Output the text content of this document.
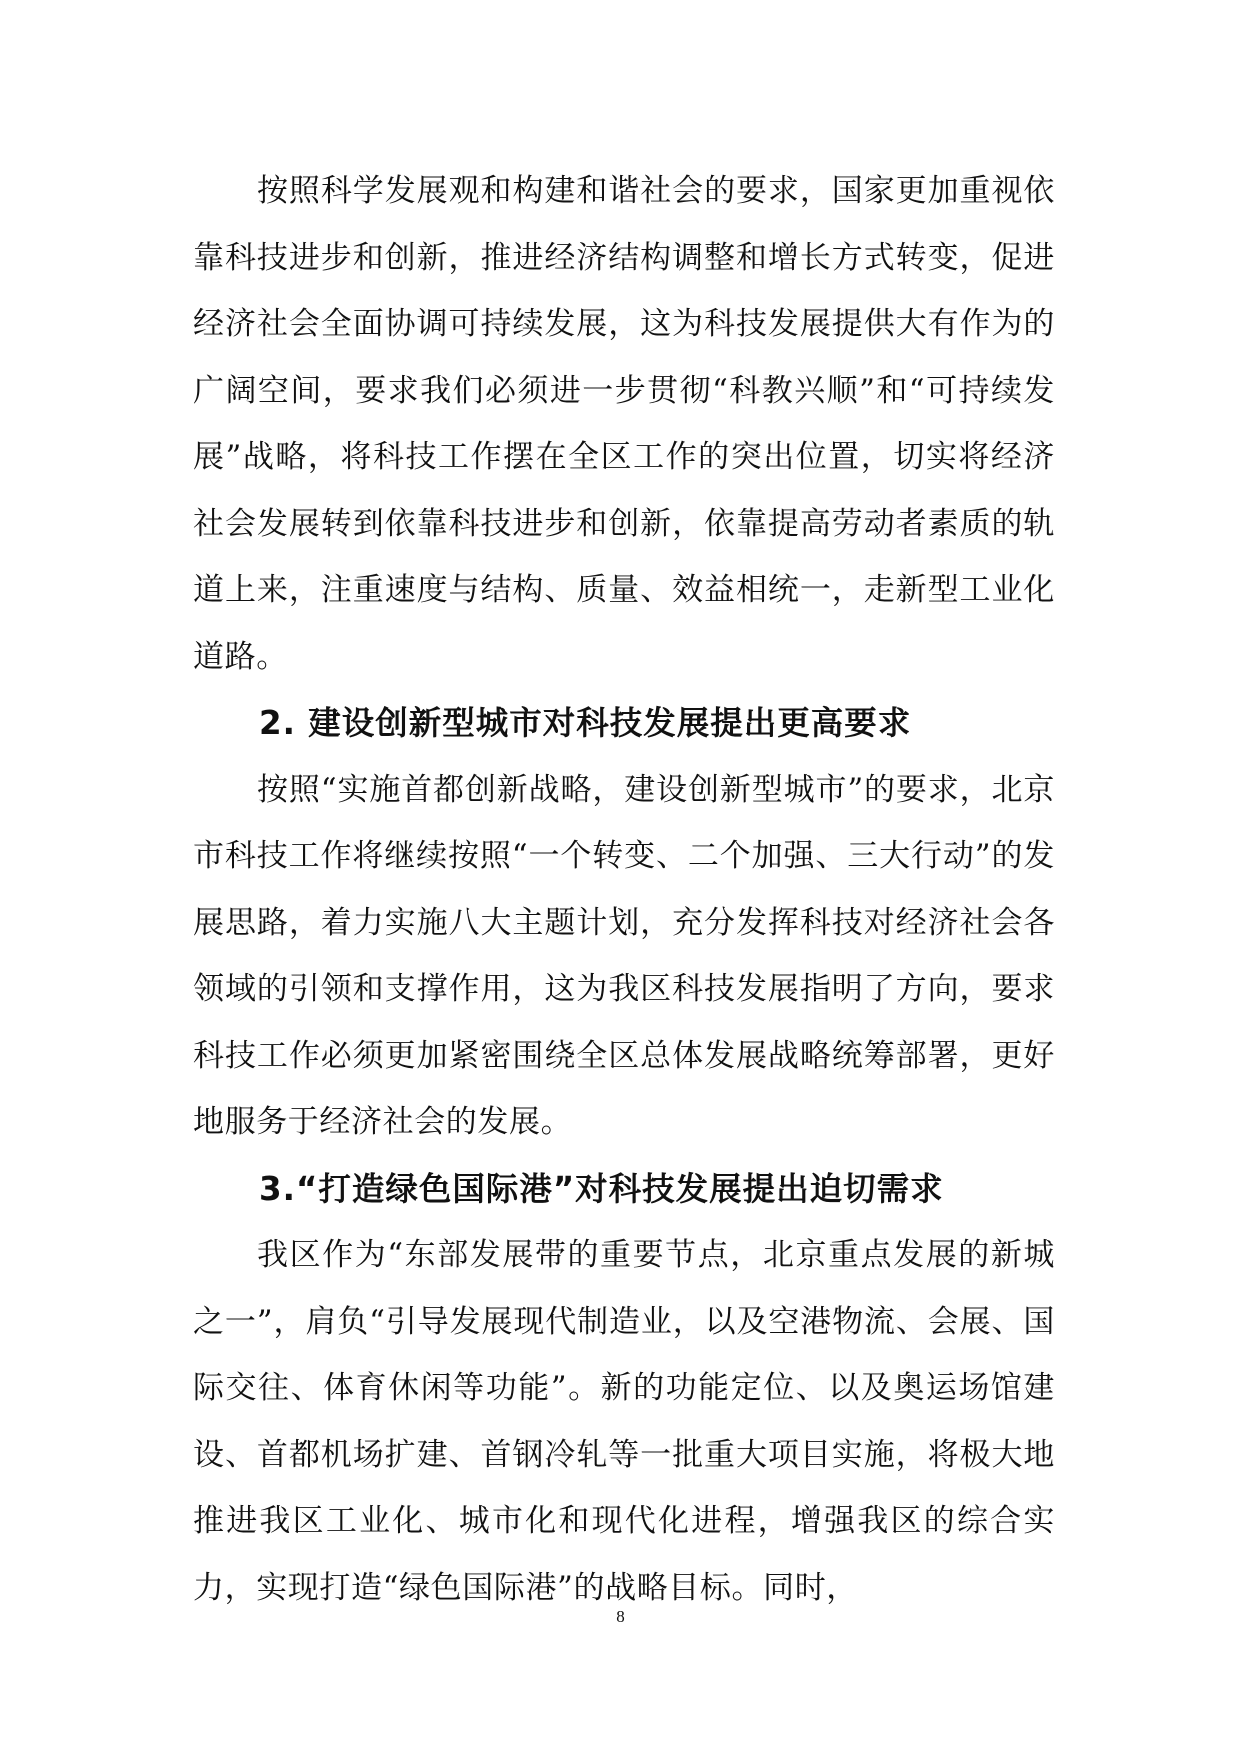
按照科学发展观和构建和谐社会的要求，国家更加重视依靠科技进步和创新，推进经济结构调整和增长方式转变，促进经济社会全面协调可持续发展，这为科技发展提供大有作为的广阔空间，要求我们必须进一步贯彻“科教兴顺”和“可持续发展”战略，将科技工作摆在全区工作的突出位置，切实将经济社会发展转到依靠科技进步和创新，依靠提高劳动者素质的轨道上来，注重速度与结构、质量、效益相统一，走新型工业化道路。

2. 建设创新型城市对科技发展提出更高要求

按照“实施首都创新战略，建设创新型城市”的要求，北京市科技工作将继续按照“一个转变、二个加强、三大行动”的发展思路，着力实施八大主题计划，充分发挥科技对经济社会各领域的引领和支撑作用，这为我区科技发展指明了方向，要求科技工作必须更加紧密围绕全区总体发展战略统筹部署，更好地服务于经济社会的发展。

3.“打造绿色国际港”对科技发展提出迫切需求

我区作为“东部发展带的重要节点，北京重点发展的新城之一”，肩负“引导发展现代制造业，以及空港物流、会展、国际交往、体育休闲等功能”。新的功能定位、以及奥运场馆建设、首都机场扩建、首钢冷轧等一批重大项目实施，将极大地推进我区工业化、城市化和现代化进程，增强我区的综合实力，实现打造“绿色国际港”的战略目标。同时，

8
